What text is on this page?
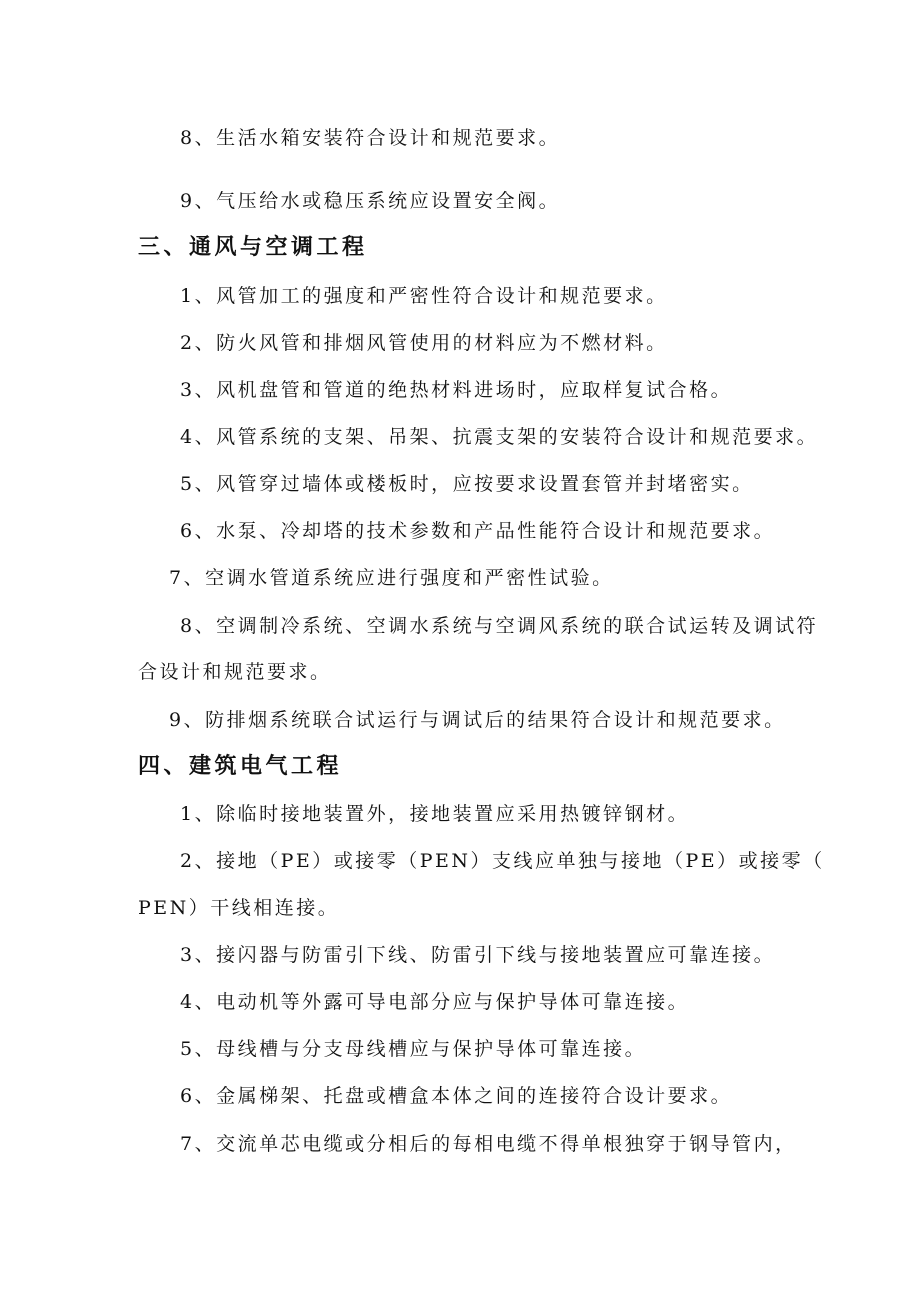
8、生活水箱安装符合设计和规范要求。
9、气压给水或稳压系统应设置安全阀。
三、通风与空调工程
1、风管加工的强度和严密性符合设计和规范要求。
2、防火风管和排烟风管使用的材料应为不燃材料。
3、风机盘管和管道的绝热材料进场时，应取样复试合格。
4、风管系统的支架、吊架、抗震支架的安装符合设计和规范要求。
5、风管穿过墙体或楼板时，应按要求设置套管并封堵密实。
6、水泵、冷却塔的技术参数和产品性能符合设计和规范要求。
7、空调水管道系统应进行强度和严密性试验。
8、空调制冷系统、空调水系统与空调风系统的联合试运转及调试符
合设计和规范要求。
9、防排烟系统联合试运行与调试后的结果符合设计和规范要求。
四、建筑电气工程
1、除临时接地装置外，接地装置应采用热镀锌钢材。
2、接地（PE）或接零（PEN）支线应单独与接地（PE）或接零（
PEN）干线相连接。
3、接闪器与防雷引下线、防雷引下线与接地装置应可靠连接。
4、电动机等外露可导电部分应与保护导体可靠连接。
5、母线槽与分支母线槽应与保护导体可靠连接。
6、金属梯架、托盘或槽盒本体之间的连接符合设计要求。
7、交流单芯电缆或分相后的每相电缆不得单根独穿于钢导管内，
